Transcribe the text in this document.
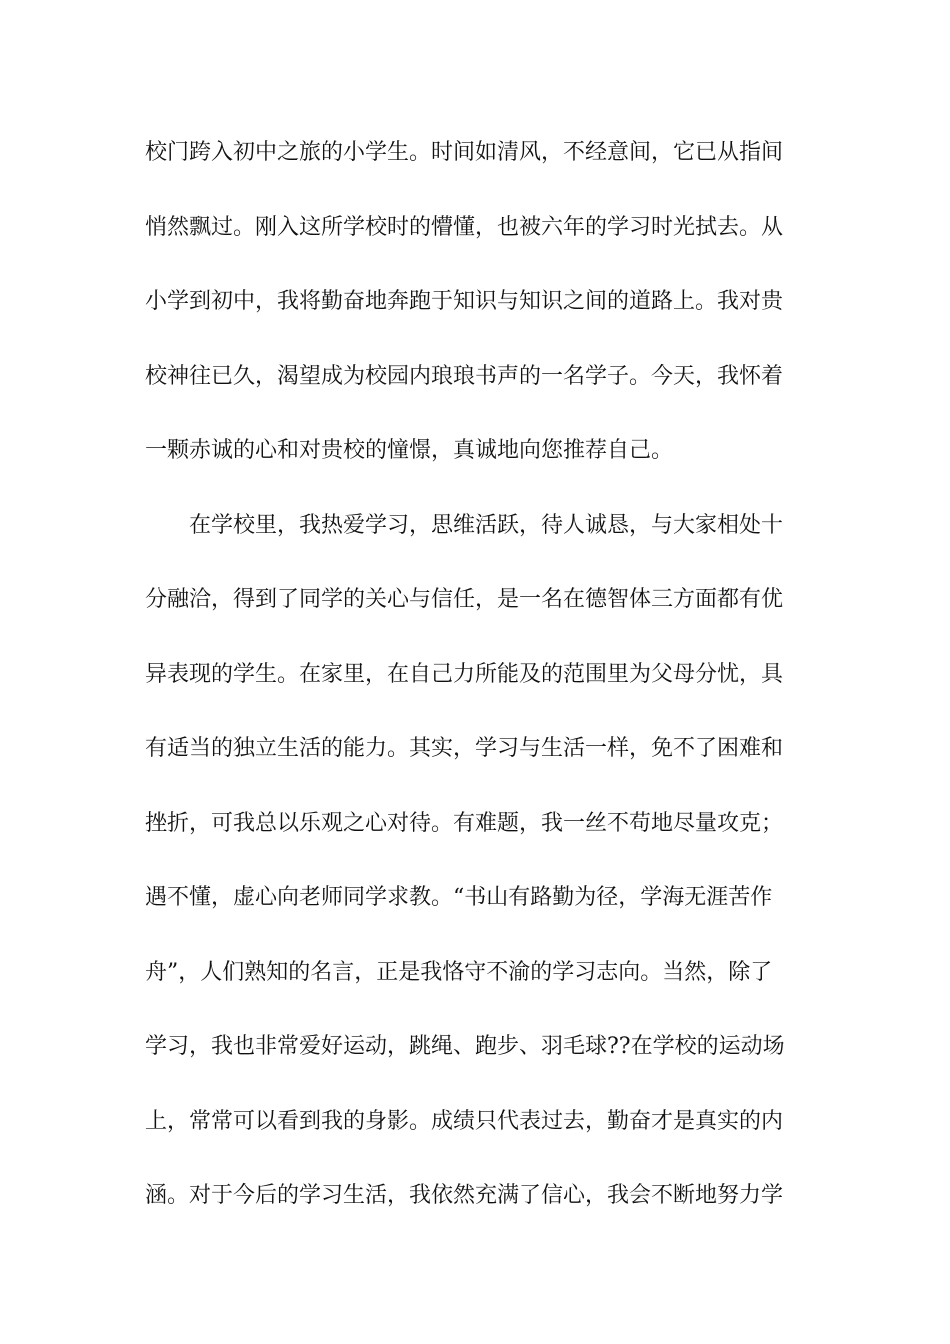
校门跨入初中之旅的小学生。时间如清风，不经意间，它已从指间
悄然飘过。刚入这所学校时的懵懂，也被六年的学习时光拭去。从
小学到初中，我将勤奋地奔跑于知识与知识之间的道路上。我对贵
校神往已久，渴望成为校园内琅琅书声的一名学子。今天，我怀着
一颗赤诚的心和对贵校的憧憬，真诚地向您推荐自己。
在学校里，我热爱学习，思维活跃，待人诚恳，与大家相处十
分融洽，得到了同学的关心与信任，是一名在德智体三方面都有优
异表现的学生。在家里，在自己力所能及的范围里为父母分忧，具
有适当的独立生活的能力。其实，学习与生活一样，免不了困难和
挫折，可我总以乐观之心对待。有难题，我一丝不苟地尽量攻克；
遇不懂，虚心向老师同学求教。“书山有路勤为径，学海无涯苦作
舟”，人们熟知的名言，正是我恪守不渝的学习志向。当然，除了
学习，我也非常爱好运动，跳绳、跑步、羽毛球??在学校的运动场
上，常常可以看到我的身影。成绩只代表过去，勤奋才是真实的内
涵。对于今后的学习生活，我依然充满了信心，我会不断地努力学
